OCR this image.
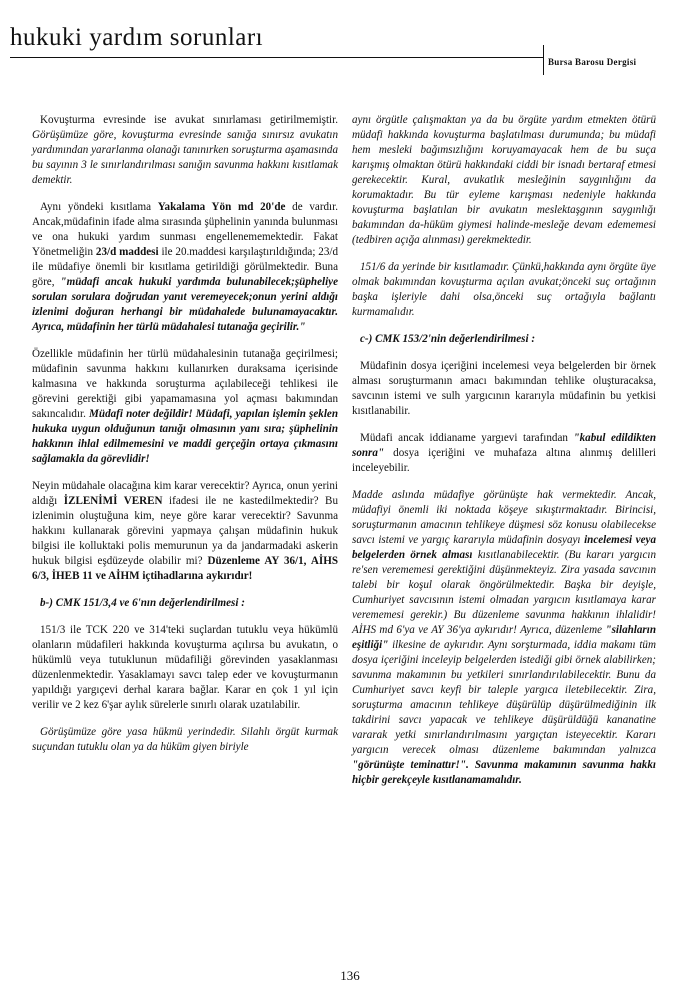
hukuki yardım sorunları
Bursa Barosu Dergisi

Kovuşturma evresinde ise avukat sınırlaması getirilmemiştir. Görüşümüze göre, kovuşturma evresinde sanığa sınırsız avukatın yardımından yararlanma olanağı tanınırken soruşturma aşamasında bu sayının 3 le sınırlandırılması sanığın savunma hakkını kısıtlamak demektir.

Aynı yöndeki kısıtlama Yakalama Yön md 20'de de vardır. Ancak,müdafinin ifade alma sırasında şüphelinin yanında bulunması ve ona hukuki yardım sunması engellenememektedir. Fakat Yönetmeliğin 23/d maddesi ile 20.maddesi karşılaştırıldığında; 23/d ile müdafiye önemli bir kısıtlama getirildiği görülmektedir. Buna göre, "müdafi ancak hukuki yardımda bulunabilecek;şüpheliye sorulan sorulara doğrudan yanıt veremeyecek;onun yerini aldığı izlenimi doğuran herhangi bir müdahalede bulunamayacaktır. Ayrıca, müdafinin her türlü müdahalesi tutanağa geçirilir."

Özellikle müdafinin her türlü müdahalesinin tutanağa geçirilmesi; müdafinin savunma hakkını kullanırken duraksama içerisinde kalmasına ve hakkında soruşturma açılabileceği tehlikesi ile görevini gerektiği gibi yapamamasına yol açması bakımından sakıncalıdır. Müdafi noter değildir! Müdafi, yapılan işlemin şeklen hukuka uygun olduğunun tanığı olmasının yanı sıra; şüphelinin hakkının ihlal edilmemesini ve maddi gerçeğin ortaya çıkmasını sağlamakla da görevlidir!

Neyin müdahale olacağına kim karar verecektir? Ayrıca, onun yerini aldığı İZLENİMİ VEREN ifadesi ile ne kastedilmektedir? Bu izlenimin oluştuğuna kim, neye göre karar verecektir? Savunma hakkını kullanarak görevini yapmaya çalışan müdafinin hukuk bilgisi ile kolluktaki polis memurunun ya da jandarmadaki askerin hukuk bilgisi eşdüzeyde olabilir mi? Düzenleme AY 36/1, AİHS 6/3, İHEB 11 ve AİHM içtihadlarına aykırıdır!

b-) CMK 151/3,4 ve 6'nın değerlendirilmesi :

151/3 ile TCK 220 ve 314'teki suçlardan tutuklu veya hükümlü olanların müdafileri hakkında kovuşturma açılırsa bu avukatın, o hükümlü veya tutuklunun müdafiliği görevinden yasaklanması düzenlenmektedir. Yasaklamayı savcı talep eder ve kovuşturmanın yapıldığı yargıçevi derhal karara bağlar. Karar en çok 1 yıl için verilir ve 2 kez 6'şar aylık sürelerle sınırlı olarak uzatılabilir.

Görüşümüze göre yasa hükmü yerindedir. Silahlı örgüt kurmak suçundan tutuklu olan ya da hüküm giyen biriyle

aynı örgütle çalışmaktan ya da bu örgüte yardım etmekten ötürü müdafi hakkında kovuşturma başlatılması durumunda; bu müdafi hem mesleki bağımsızlığını koruyamayacak hem de bu suça karışmış olmaktan ötürü hakkındaki ciddi bir isnadı bertaraf etmesi gerekecektir. Kural, avukatlık mesleğinin saygınlığını da korumaktadır. Bu tür eyleme karışması nedeniyle hakkında kovuşturma başlatılan bir avukatın meslektaşgının saygınlığı bakımından da-hüküm giymesi halinde-mesleğe devam edememesi (tedbiren açığa alınması) gerekmektedir.

151/6 da yerinde bir kısıtlamadır. Çünkü,hakkında aynı örgüte üye olmak bakımından kovuşturma açılan avukat;önceki suç ortağının başka işleriyle dahi olsa,önceki suç ortağıyla bağlantı kurmamalıdır.

c-) CMK 153/2'nin değerlendirilmesi :

Müdafinin dosya içeriğini incelemesi veya belgelerden bir örnek alması soruşturmanın amacı bakımından tehlike oluşturacaksa, savcının istemi ve sulh yargıcının kararıyla müdafinin bu yetkisi kısıtlanabilir.

Müdafi ancak iddianame yargıevi tarafından "kabul edildikten sonra" dosya içeriğini ve muhafaza altına alınmış delilleri inceleyebilir.

Madde aslında müdafiye görünüşte hak vermektedir. Ancak, müdafiyi önemli iki noktada köşeye sıkıştırmaktadır. Birincisi, soruşturmanın amacının tehlikeye düşmesi söz konusu olabilecekse savcı istemi ve yargıç kararıyla müdafinin dosyayı incelemesi veya belgelerden örnek alması kısıtlanabilecektir. (Bu kararı yargıcın re'sen verememesi gerektiğini düşünmekteyiz. Zira yasada savcının talebi bir koşul olarak öngörülmektedir. Başka bir deyişle, Cumhuriyet savcısının istemi olmadan yargıcın kısıtlamaya karar verememesi gerekir.) Bu düzenleme savunma hakkının ihlalidir! AİHS md 6'ya ve AY 36'ya aykırıdır! Ayrıca, düzenleme "silahların eşitliği" ilkesine de aykırıdır. Aynı sorşturmada, iddia makamı tüm dosya içeriğini inceleyip belgelerden istediği gibi örnek alabilirken; savunma makamının bu yetkileri sınırlandırılabilecektir. Bunu da Cumhuriyet savcı keyfi bir taleple yargıca iletebilecektir. Zira, soruşturma amacının tehlikeye düşürülüp düşürülmediğinin ilk takdirini savcı yapacak ve tehlikeye düşürüldüğü kananatine vararak yetki sınırlandırılmasını yargıçtan isteyecektir. Kararı yargıcın verecek olması düzenleme bakımından yalnızca "görünüşte teminattır!". Savunma makamının savunma hakkı hiçbir gerekçeyle kısıtlanamamalıdır.

136
